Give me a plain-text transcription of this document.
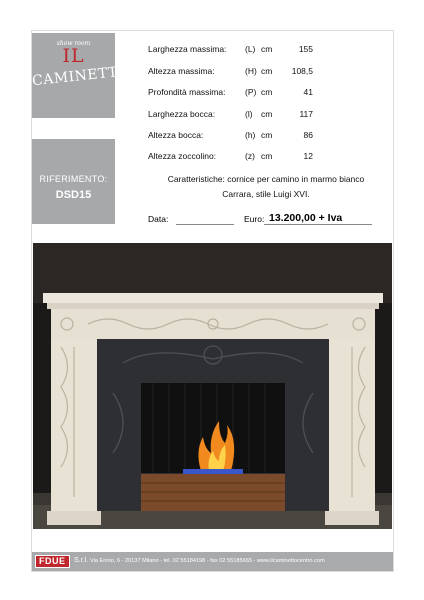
show room
IL
CAMINETTO
RIFERIMENTO:
DSD15
Larghezza massima: (L) cm	155
Altezza massima:	(H) cm 108,5
Profondità massima: (P) cm	41
Larghezza bocca:	(l) cm	117
Altezza bocca:	(h) cm	86
Altezza zoccolino:	(z) cm	12
Caratteristiche: cornice per camino in marmo bianco
Carrara, stile Luigi XVI.
Data:	Euro: 13.200,00 + Iva
FDUE	S.r.l. Via Ennio, 6 - 20137 Milano - tel. 02 55184198 - fax 02 55185665 - www.ilcaminettocentro.com
